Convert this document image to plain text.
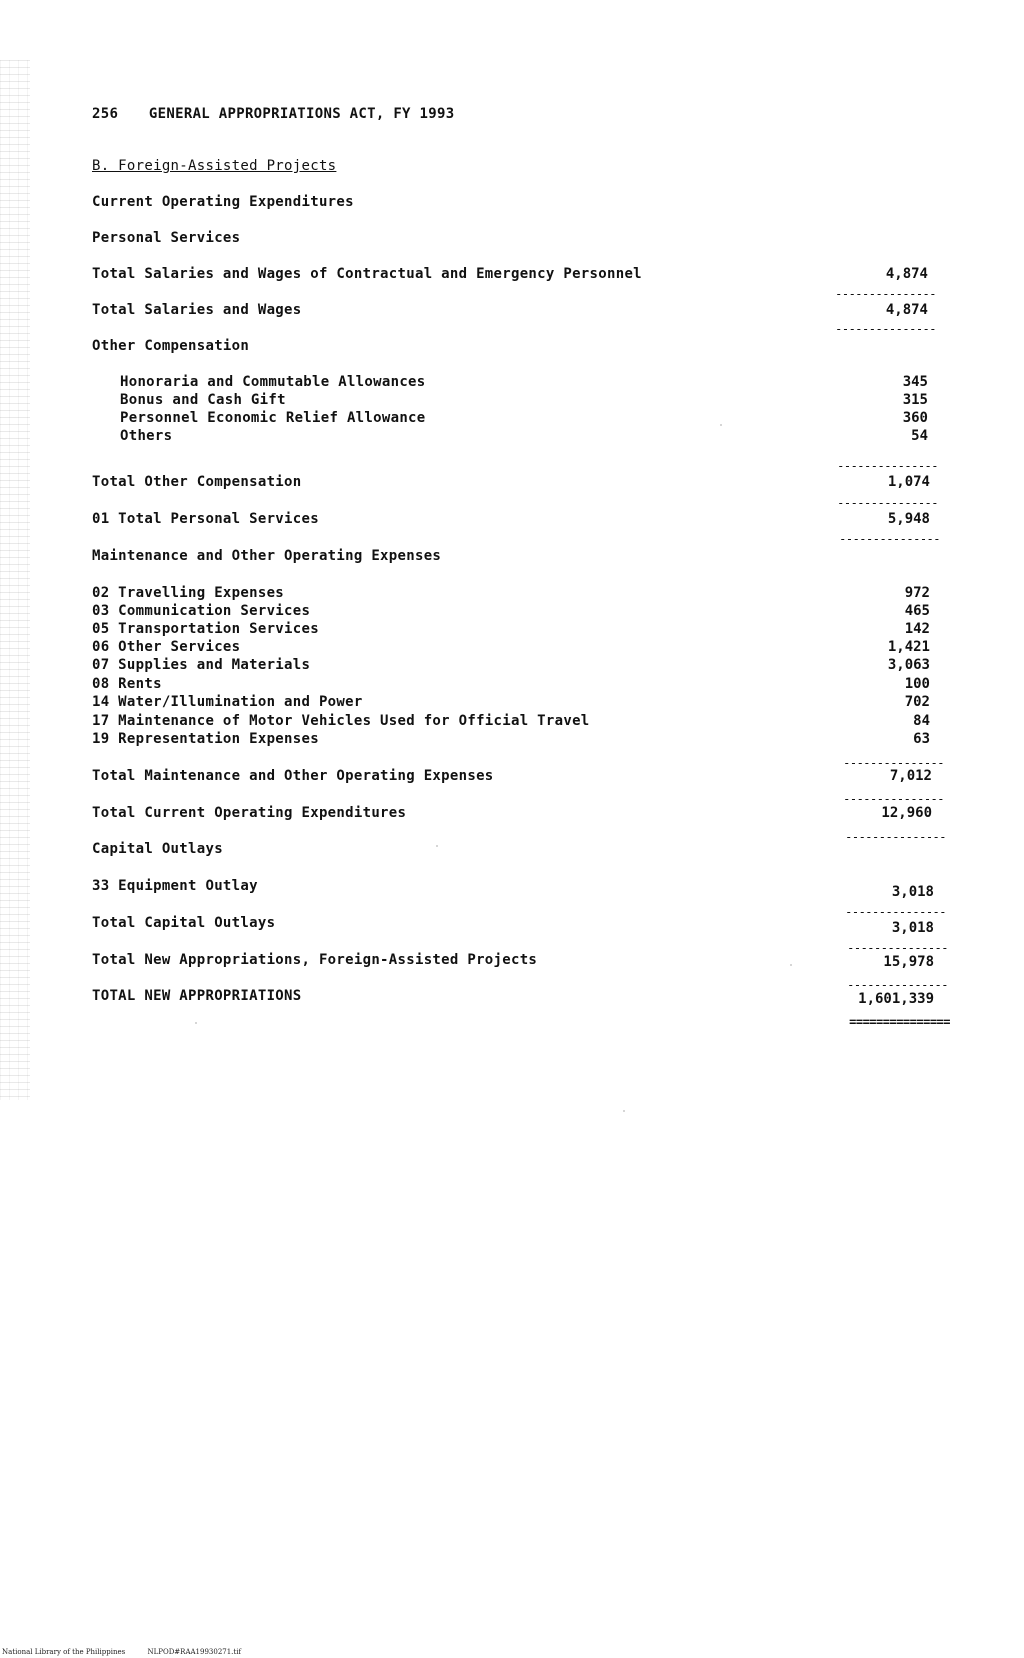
256 GENERAL APPROPRIATIONS ACT, FY 1993
B. Foreign-Assisted Projects
Current Operating Expenditures
Personal Services
Total Salaries and Wages of Contractual and Emergency Personnel	4,874
---------------
Total Salaries and Wages	4,874
---------------
Other Compensation
Honoraria and Commutable Allowances	345
Bonus and Cash Gift	315
Personnel Economic Relief Allowance	360
Others	54
---------------
Total Other Compensation	1,074
---------------
01 Total Personal Services	5,948
---------------
Maintenance and Other Operating Expenses
02 Travelling Expenses	972
03 Communication Services	465
05 Transportation Services	142
06 Other Services	1,421
07 Supplies and Materials	3,063
08 Rents	100
14 Water/Illumination and Power	702
17 Maintenance of Motor Vehicles Used for Official Travel	84
19 Representation Expenses	63
---------------
Total Maintenance and Other Operating Expenses	7,012
---------------
Total Current Operating Expenditures	12,960
---------------
Capital Outlays
33 Equipment Outlay	3,018
---------------
Total Capital Outlays	3,018
---------------
Total New Appropriations, Foreign-Assisted Projects	15,978
---------------
TOTAL NEW APPROPRIATIONS	1,601,339
===============
National Library of the Philippines	NLPOD#RAA19930271.tif
